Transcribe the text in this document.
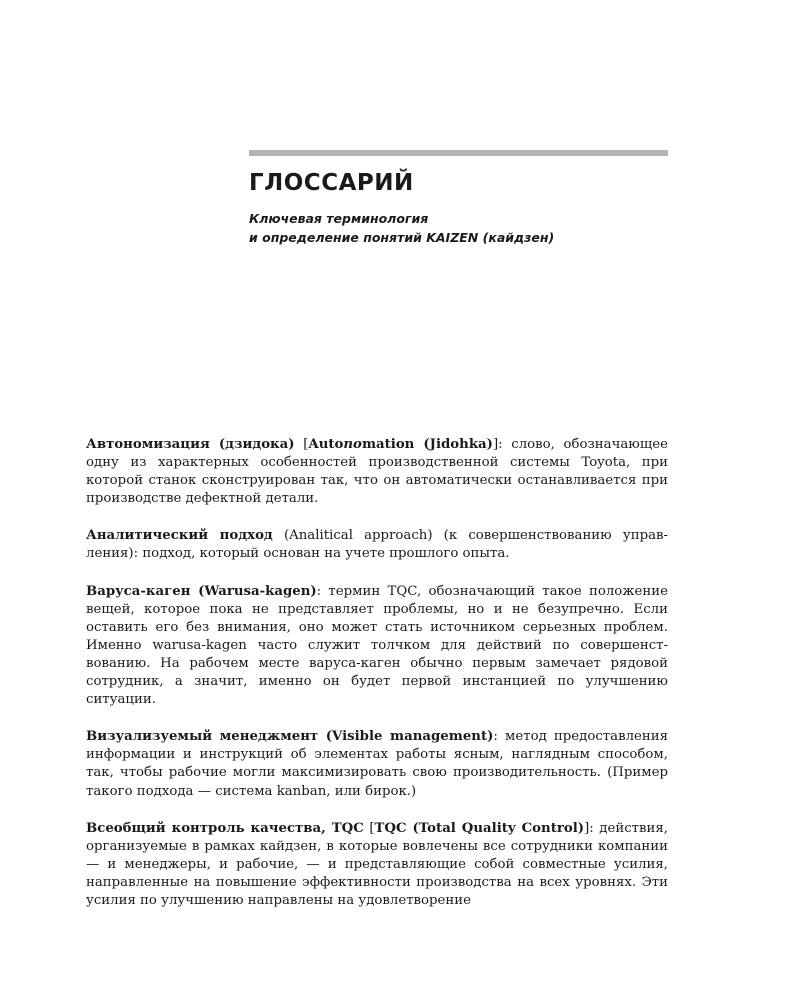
ГЛОССАРИЙ
Ключевая терминология
и определение понятий KAIZEN (кайдзен)

Автономизация (дзидока) [Autonomation (Jidohka)]: слово, обозначающее одну из характерных особенностей производственной системы Toyota, при которой станок сконструирован так, что он автоматически останавливается при производстве дефектной детали.

Аналитический подход (Analitical approach) (к совершенствованию управления): подход, который основан на учете прошлого опыта.

Варуса-каген (Warusa-kagen): термин TQC, обозначающий такое положение вещей, которое пока не представляет проблемы, но и не безупречно. Если оставить его без внимания, оно может стать источником серьезных проблем. Именно warusa-kagen часто служит толчком для действий по совершенствованию. На рабочем месте варуса-каген обычно первым замечает рядовой сотрудник, а значит, именно он будет первой инстанцией по улучшению ситуации.

Визуализуемый менеджмент (Visible management): метод предоставления информации и инструкций об элементах работы ясным, наглядным способом, так, чтобы рабочие могли максимизировать свою производительность. (Пример такого подхода — система kanban, или бирок.)

Всеобщий контроль качества, TQC [TQC (Total Quality Control)]: действия, организуемые в рамках кайдзен, в которые вовлечены все сотрудники компании — и менеджеры, и рабочие, — и представляющие собой совместные усилия, направленные на повышение эффективности производства на всех уровнях. Эти усилия по улучшению направлены на удовлетворение
